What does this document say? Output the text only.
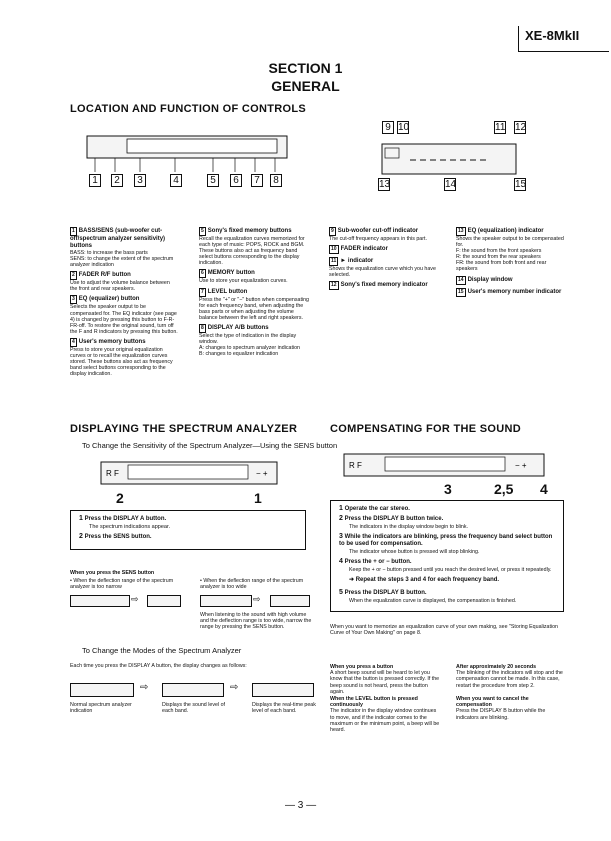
XE-8MkII
SECTION 1
GENERAL
LOCATION AND FUNCTION OF CONTROLS
1	2	3	4	5	6	7	8
9 10	11 12
13	14	15
1 BASS/SENS (sub-woofer cut-off/spectrum analyzer sensitivity) buttons
BASS: to increase the bass parts
SENS: to change the extent of the spectrum analyzer indication
2 FADER R/F button
Use to adjust the volume balance between the front and rear speakers.
3 EQ (equalizer) button
Selects the speaker output to be compensated for. The EQ indicator (see page 4) is changed by pressing this button to F-R-FR-off. To restore the original sound, turn off the F and R indicators by pressing this button.
4 User's memory buttons
Press to store your original equalization curves or to recall the equalization curves stored. These buttons also act as frequency band select buttons corresponding to the display indication.
5 Sony's fixed memory buttons
Recall the equalization curves memorized for each type of music: POPS, ROCK and BGM. These buttons also act as frequency band select buttons corresponding to the display indication.
6 MEMORY button
Use to store your equalization curves.
7 LEVEL button
Press the "+" or "−" button when compensating for each frequency band, when adjusting the bass parts or when adjusting the volume balance between the left and right speakers.
8 DISPLAY A/B buttons
Select the type of indication in the display window.
A: changes to spectrum analyzer indication
B: changes to equalizer indication
9 Sub-woofer cut-off indicator
The cut-off frequency appears in this part.
10 FADER indicator
11 ► indicator
Shows the equalization curve which you have selected.
12 Sony's fixed memory indicator
13 EQ (equalization) indicator
Shows the speaker output to be compensated for.
F: the sound from the front speakers
R: the sound from the rear speakers
FR: the sound from both front and rear speakers
14 Display window
15 User's memory number indicator
DISPLAYING THE SPECTRUM ANALYZER
To Change the Sensitivity of the Spectrum Analyzer—Using the SENS button
R F	− +
2	1
1 Press the DISPLAY A button.
The spectrum indications appear.
2 Press the SENS button.
When you press the SENS button
• When the deflection range of the spectrum analyzer is too narrow
• When the deflection range of the spectrum analyzer is too wide
⇨	⇨
When listening to the sound with high volume and the deflection range is too wide, narrow the range by pressing the SENS button.
To Change the Modes of the Spectrum Analyzer
Each time you press the DISPLAY A button, the display changes as follows:
⇨	⇨
Normal spectrum analyzer indication
Displays the sound level of each band.
Displays the real-time peak level of each band.
COMPENSATING FOR THE SOUND
R F	− +
3	2,5 4
1 Operate the car stereo.
2 Press the DISPLAY B button twice.
The indicators in the display window begin to blink.
3 While the indicators are blinking, press the frequency band select button to be used for compensation.
The indicator whose button is pressed will stop blinking.
4 Press the + or − button.
Keep the + or − button pressed until you reach the desired level, or press it repeatedly.
➜ Repeat the steps 3 and 4 for each frequency band.
5 Press the DISPLAY B button.
When the equalization curve is displayed, the compensation is finished.
When you want to memorize an equalization curve of your own making, see "Storing Equalization Curve of Your Own Making" on page 8.
When you press a button
A short beep sound will be heard to let you know that the button is pressed correctly. If the beep sound is not heard, press the button again.
When the LEVEL button is pressed continuously
The indicator in the display window continues to move, and if the indicator comes to the maximum or the minimum point, a beep will be heard.
After approximately 20 seconds
The blinking of the indicators will stop and the compensation cannot be made. In this case, restart the procedure from step 2.
When you want to cancel the compensation
Press the DISPLAY B button while the indicators are blinking.
— 3 —
